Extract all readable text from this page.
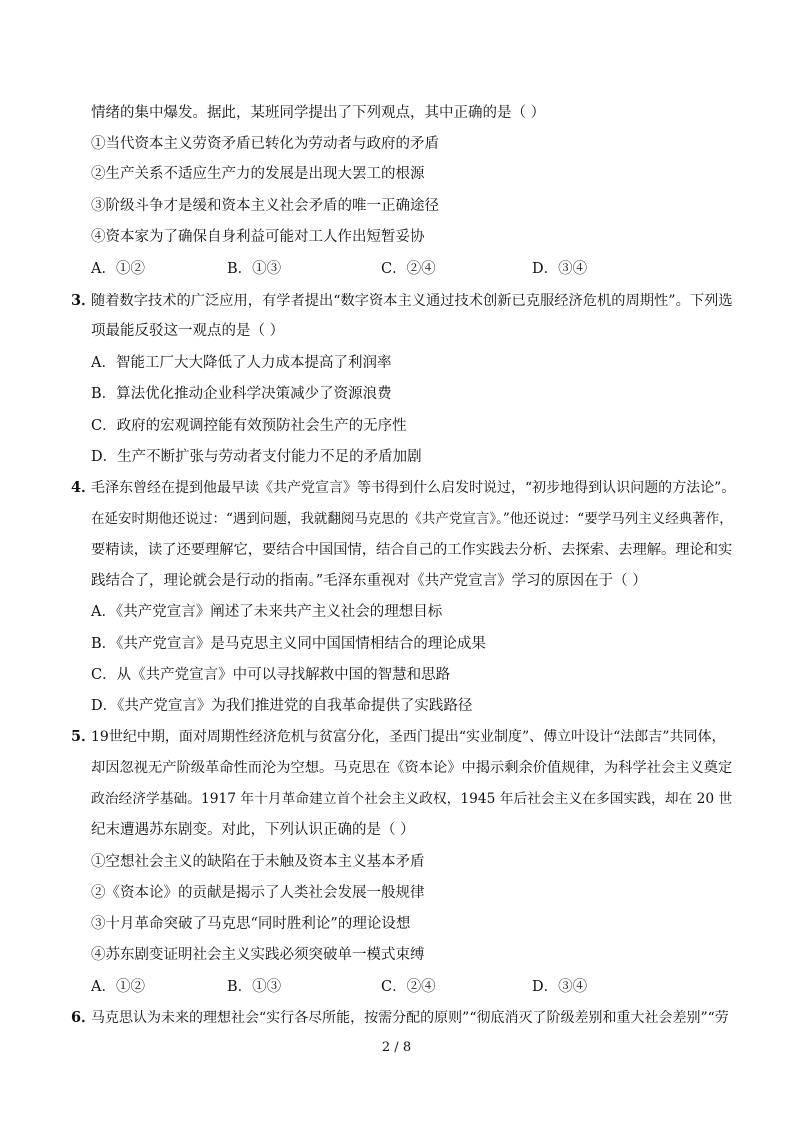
情绪的集中爆发。据此，某班同学提出了下列观点，其中正确的是（ ）
①当代资本主义劳资矛盾已转化为劳动者与政府的矛盾
②生产关系不适应生产力的发展是出现大罢工的根源
③阶级斗争才是缓和资本主义社会矛盾的唯一正确途径
④资本家为了确保自身利益可能对工人作出短暂妥协
A．①②	B．①③	C．②④	D．③④
3．
随着数字技术的广泛应用，有学者提出“数字资本主义通过技术创新已克服经济危机的周期性”。下列选
项最能反驳这一观点的是（ ）
A．智能工厂大大降低了人力成本提高了利润率
B．算法优化推动企业科学决策减少了资源浪费
C．政府的宏观调控能有效预防社会生产的无序性
D．生产不断扩张与劳动者支付能力不足的矛盾加剧
4．
毛泽东曾经在提到他最早读《共产党宣言》等书得到什么启发时说过，“初步地得到认识问题的方法论”。
在延安时期他还说过：“遇到问题，我就翻阅马克思的《共产党宣言》。”他还说过：“要学马列主义经典著作，
要精读，读了还要理解它，要结合中国国情，结合自己的工作实践去分析、去探索、去理解。理论和实
践结合了，理论就会是行动的指南。”毛泽东重视对《共产党宣言》学习的原因在于（ ）
A．《共产党宣言》阐述了未来共产主义社会的理想目标
B．《共产党宣言》是马克思主义同中国国情相结合的理论成果
C．从《共产党宣言》中可以寻找解救中国的智慧和思路
D．《共产党宣言》为我们推进党的自我革命提供了实践路径
5．
19世纪中期，面对周期性经济危机与贫富分化，圣西门提出“实业制度”、傅立叶设计“法郎吉”共同体，
却因忽视无产阶级革命性而沦为空想。马克思在《资本论》中揭示剩余价值规律，为科学社会主义奠定
政治经济学基础。1917 年十月革命建立首个社会主义政权，1945 年后社会主义在多国实践，却在 20 世
纪末遭遇苏东剧变。对此，下列认识正确的是（ ）
①空想社会主义的缺陷在于未触及资本主义基本矛盾
②《资本论》的贡献是揭示了人类社会发展一般规律
③十月革命突破了马克思“同时胜利论”的理论设想
④苏东剧变证明社会主义实践必须突破单一模式束缚
A．①②	B．①③	C．②④	D．③④
2 / 8
6．
马克思认为未来的理想社会“实行各尽所能，按需分配的原则”“彻底消灭了阶级差别和重大社会差别”“劳
